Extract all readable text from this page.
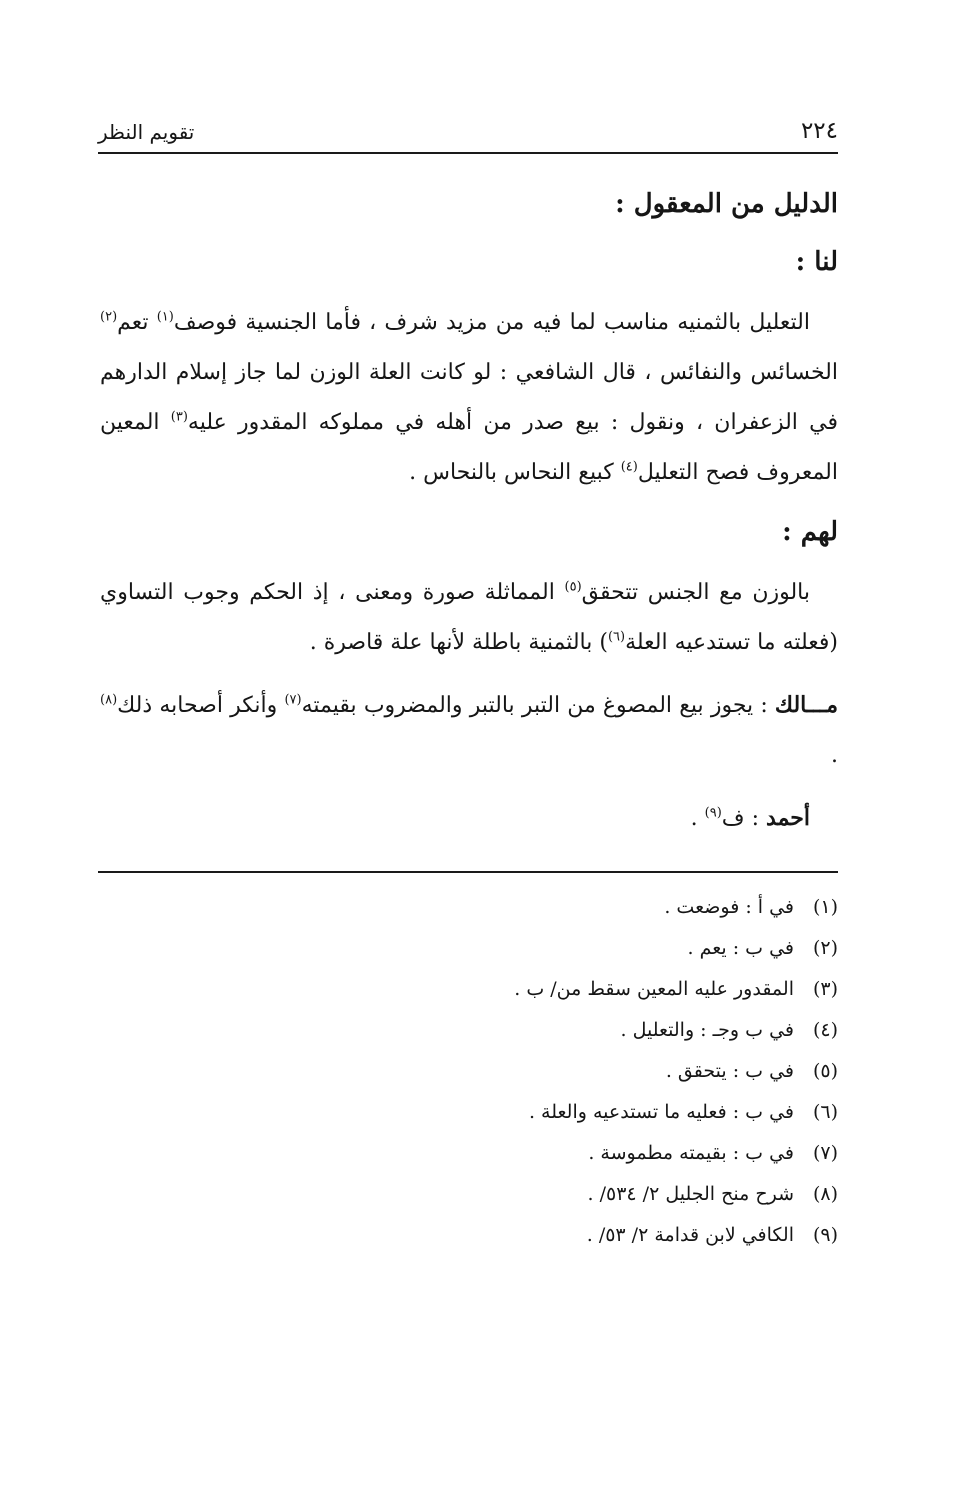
٢٢٤
تقويم النظر
الدليل من المعقول :
لنا :

التعليل بالثمنيه مناسب لما فيه من مزيد شرف ، فأما الجنسية فوصف$^{(١)}$ تعم$^{(٢)}$ الخسائس والنفائس ، قال الشافعي : لو كانت العلة الوزن لما جاز إسلام الدارهم في الزعفران ، ونقول : بيع صدر من أهله في مملوكه المقدور عليه$^{(٣)}$ المعين المعروف فصح التعليل$^{(٤)}$ كبيع النحاس بالنحاس .

لهم :

بالوزن مع الجنس تتحقق$^{(٥)}$ المماثلة صورة ومعنى ، إذ الحكم وجوب التساوي (فعلته ما تستدعيه العلة$^{(٦)}$) بالثمنية باطلة لأنها علة قاصرة .

مـــالك : يجوز بيع المصوغ من التبر بالتبر والمضروب بقيمته$^{(٧)}$ وأنكر أصحابه ذلك$^{(٨)}$ .

أحمد : ف$^{(٩)}$ .

(١)في أ : فوضعت .
(٢)في ب : يعم .
(٣)المقدور عليه المعين سقط من/ ب .
(٤)في ب وجـ : والتعليل .
(٥)في ب : يتحقق .
(٦)في ب : فعليه ما تستدعيه والعلة .
(٧)في ب : بقيمته مطموسة .
(٨)شرح منح الجليل ٢/ ٥٣٤/ .
(٩)الكافي لابن قدامة ٢/ ٥٣/ .
